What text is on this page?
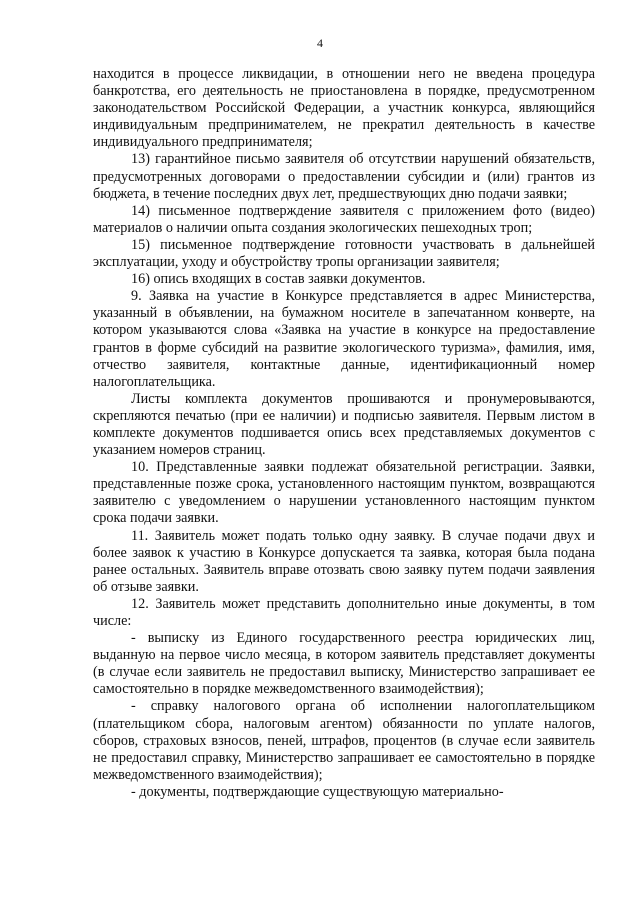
4

находится в процессе ликвидации, в отношении него не введена процедура банкротства, его деятельность не приостановлена в порядке, предусмотренном законодательством Российской Федерации, а участник конкурса, являющийся индивидуальным предпринимателем, не прекратил деятельность в качестве индивидуального предпринимателя;

13) гарантийное письмо заявителя об отсутствии нарушений обязательств, предусмотренных договорами о предоставлении субсидии и (или) грантов из бюджета, в течение последних двух лет, предшествующих дню подачи заявки;

14) письменное подтверждение заявителя с приложением фото (видео) материалов о наличии опыта создания экологических пешеходных троп;

15) письменное подтверждение готовности участвовать в дальнейшей эксплуатации, уходу и обустройству тропы организации заявителя;

16) опись входящих в состав заявки документов.

9. Заявка на участие в Конкурсе представляется в адрес Министерства, указанный в объявлении, на бумажном носителе в запечатанном конверте, на котором указываются слова «Заявка на участие в конкурсе на предоставление грантов в форме субсидий на развитие экологического туризма», фамилия, имя, отчество заявителя, контактные данные, идентификационный номер налогоплательщика.

Листы комплекта документов прошиваются и пронумеровываются, скрепляются печатью (при ее наличии) и подписью заявителя. Первым листом в комплекте документов подшивается опись всех представляемых документов с указанием номеров страниц.

10. Представленные заявки подлежат обязательной регистрации. Заявки, представленные позже срока, установленного настоящим пунктом, возвращаются заявителю с уведомлением о нарушении установленного настоящим пунктом срока подачи заявки.

11. Заявитель может подать только одну заявку. В случае подачи двух и более заявок к участию в Конкурсе допускается та заявка, которая была подана ранее остальных. Заявитель вправе отозвать свою заявку путем подачи заявления об отзыве заявки.

12. Заявитель может представить дополнительно иные документы, в том числе:

- выписку из Единого государственного реестра юридических лиц, выданную на первое число месяца, в котором заявитель представляет документы (в случае если заявитель не предоставил выписку, Министерство запрашивает ее самостоятельно в порядке межведомственного взаимодействия);

- справку налогового органа об исполнении налогоплательщиком (плательщиком сбора, налоговым агентом) обязанности по уплате налогов, сборов, страховых взносов, пеней, штрафов, процентов (в случае если заявитель не предоставил справку, Министерство запрашивает ее самостоятельно в порядке межведомственного взаимодействия);

- документы, подтверждающие существующую материально-
